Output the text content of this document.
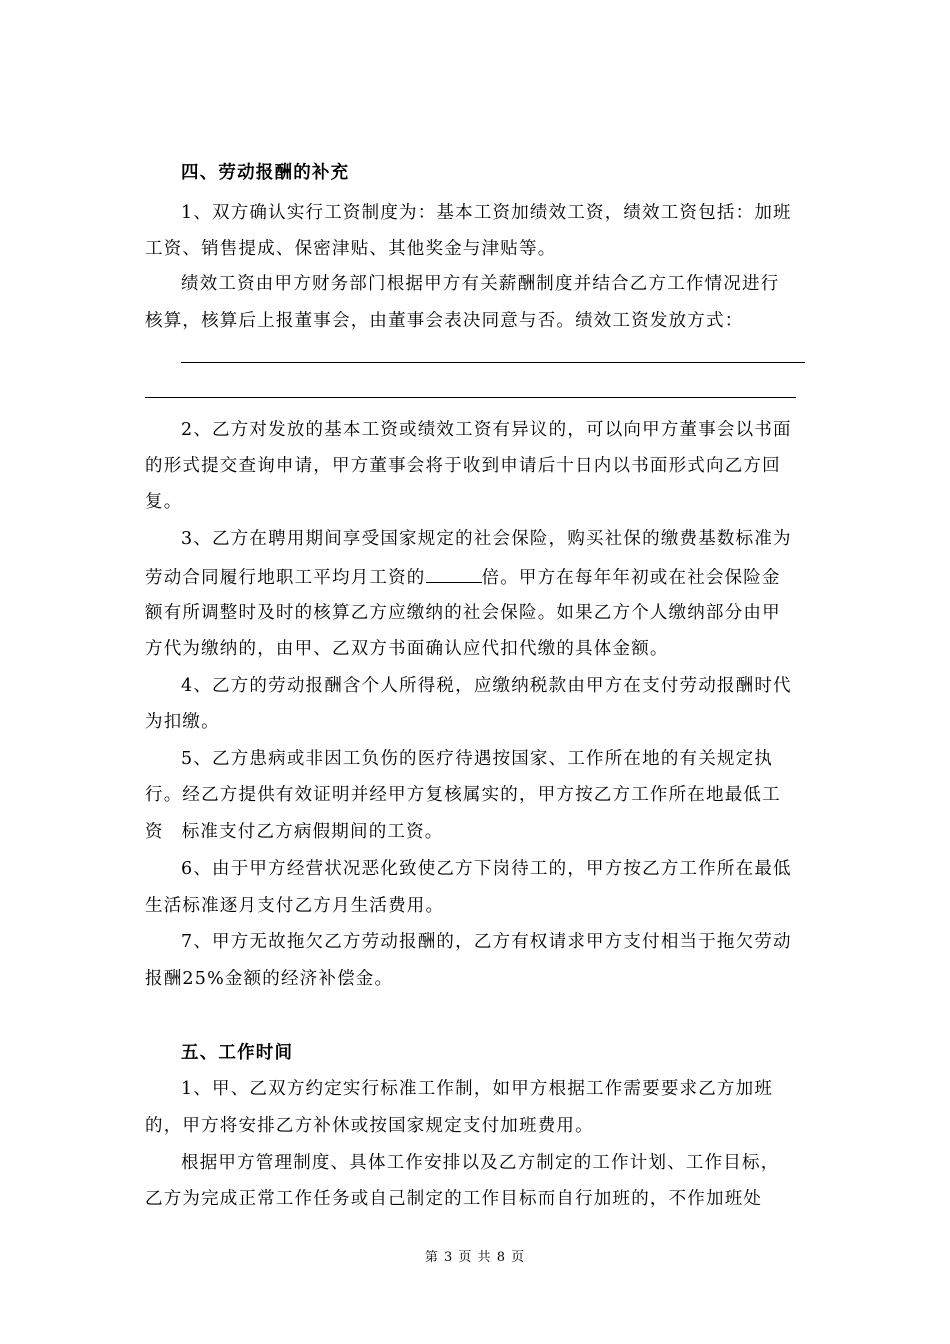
四、劳动报酬的补充
1、双方确认实行工资制度为：基本工资加绩效工资，绩效工资包括：加班
工资、销售提成、保密津贴、其他奖金与津贴等。
绩效工资由甲方财务部门根据甲方有关薪酬制度并结合乙方工作情况进行
核算，核算后上报董事会，由董事会表决同意与否。绩效工资发放方式：
2、乙方对发放的基本工资或绩效工资有异议的，可以向甲方董事会以书面
的形式提交查询申请，甲方董事会将于收到申请后十日内以书面形式向乙方回
复。
3、乙方在聘用期间享受国家规定的社会保险，购买社保的缴费基数标准为
劳动合同履行地职工平均月工资的	倍。甲方在每年年初或在社会保险金
额有所调整时及时的核算乙方应缴纳的社会保险。如果乙方个人缴纳部分由甲
方代为缴纳的，由甲、乙双方书面确认应代扣代缴的具体金额。
4、乙方的劳动报酬含个人所得税，应缴纳税款由甲方在支付劳动报酬时代
为扣缴。
5、乙方患病或非因工负伤的医疗待遇按国家、工作所在地的有关规定执
行。经乙方提供有效证明并经甲方复核属实的，甲方按乙方工作所在地最低工
资 标准支付乙方病假期间的工资。
6、由于甲方经营状况恶化致使乙方下岗待工的，甲方按乙方工作所在最低
生活标准逐月支付乙方月生活费用。
7、甲方无故拖欠乙方劳动报酬的，乙方有权请求甲方支付相当于拖欠劳动
报酬25%金额的经济补偿金。
五、工作时间
1、甲、乙双方约定实行标准工作制，如甲方根据工作需要要求乙方加班
的，甲方将安排乙方补休或按国家规定支付加班费用。
根据甲方管理制度、具体工作安排以及乙方制定的工作计划、工作目标，
乙方为完成正常工作任务或自己制定的工作目标而自行加班的，不作加班处
第 3 页 共 8 页
